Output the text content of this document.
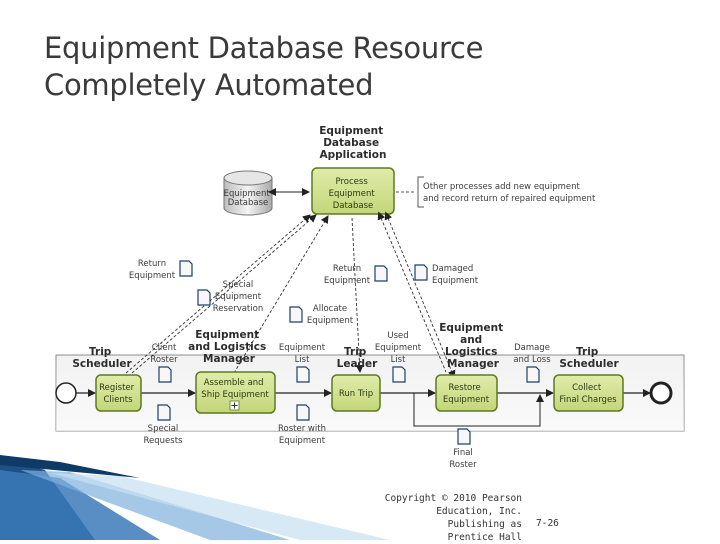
Equipment Database Resource
Completely Automated
Equipment Database Application
Equipment Database
Process Equipment Database
Other processes add new equipment and record return of repaired equipment
Trip Scheduler
Equipment and Logistics Manager
Trip Leader
Equipment and Logistics Manager
Trip Scheduler
Register Clients
Assemble and Ship Equipment	Run Trip
Restore Equipment
Collect Final Charges
Return Equipment
Special Equipment Reservation
Return Equipment
Damaged Equipment
Allocate Equipment
Client Roster
Equipment List
Used Equipment List
Damage and Loss
Special Requests
Roster with Equipment
Final Roster
Copyright © 2010 Pearson
Education, Inc. Publishing as
Prentice Hall
7-26
